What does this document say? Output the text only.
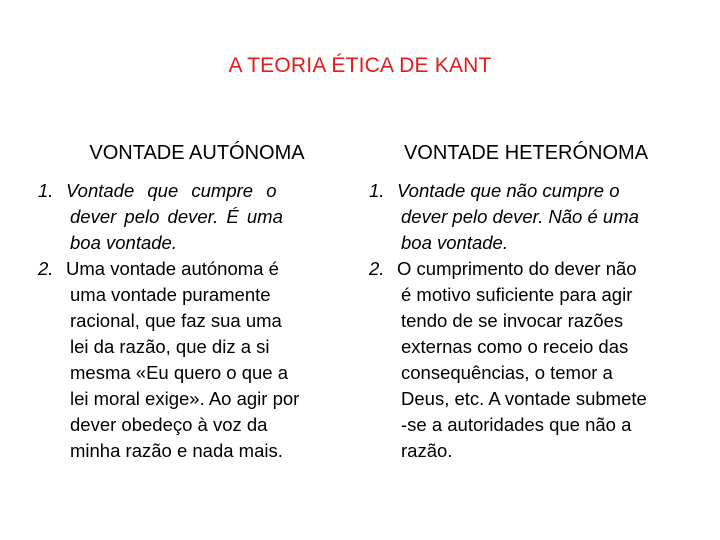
A TEORIA ÉTICA DE KANT
VONTADE AUTÓNOMA
1. Vontade que cumpre o
dever pelo dever. É uma
boa vontade.
2. Uma vontade autónoma é
uma vontade puramente
racional, que faz sua uma
lei da razão, que diz a si
mesma «Eu quero o que a
lei moral exige». Ao agir por
dever obedeço à voz da
minha razão e nada mais.
VONTADE HETERÓNOMA
1. Vontade que não cumpre o
dever pelo dever. Não é uma
boa vontade.
2. O cumprimento do dever não
é motivo suficiente para agir
tendo de se invocar razões
externas como o receio das
consequências, o temor a
Deus, etc. A vontade submete
-se a autoridades que não a
razão.
